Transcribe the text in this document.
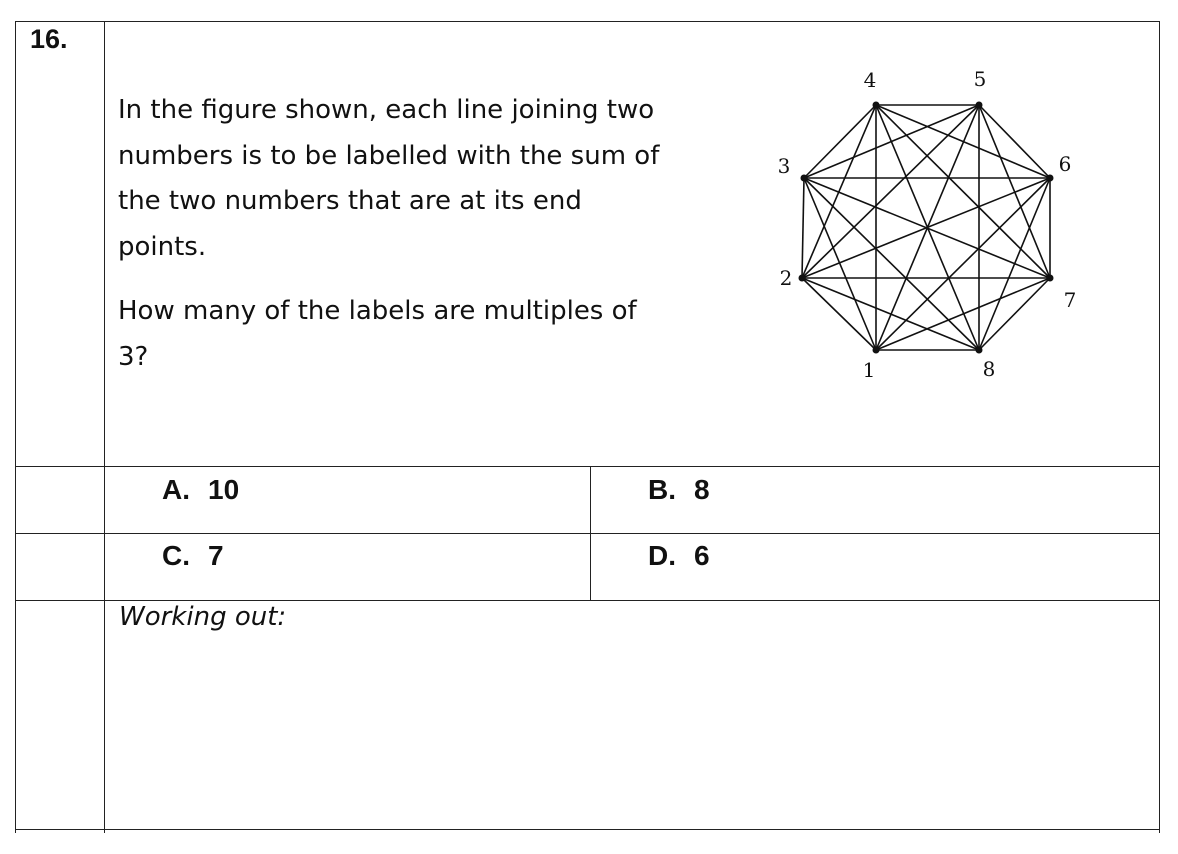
16.

In the figure shown, each line joining two
numbers is to be labelled with the sum of
the two numbers that are at its end
points.

How many of the labels are multiples of
3?	1
2
3
4	5
6
7
8
A. 10	B. 8
C. 7	D. 6
Working out:
